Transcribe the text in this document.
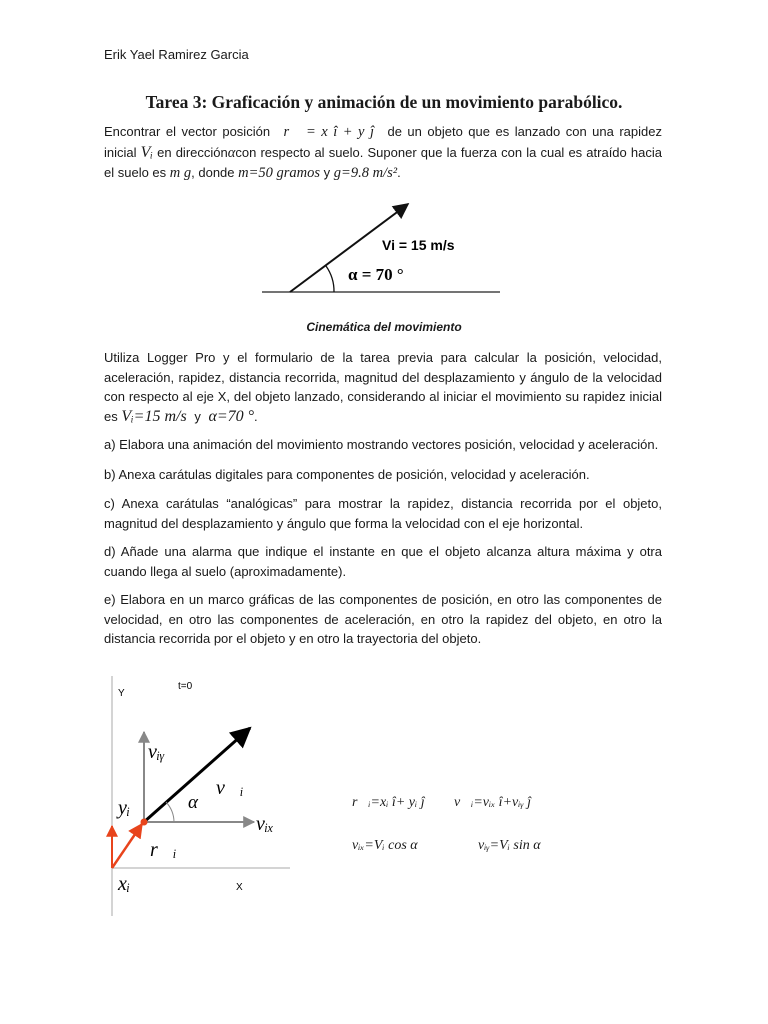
Erik Yael Ramirez Garcia
Tarea 3: Graficación y animación de un movimiento parabólico.
Encontrar el vector posición r⃗ = x î + y ĵ de un objeto que es lanzado con una rapidez inicial Vᵢ en direcciónαcon respecto al suelo. Suponer que la fuerza con la cual es atraído hacia el suelo es m g, donde m=50 gramos y g=9.8 m/s².
Vi = 15 m/s
α = 70 °
Cinemática del movimiento
Utiliza Logger Pro y el formulario de la tarea previa para calcular la posición, velocidad, aceleración, rapidez, distancia recorrida, magnitud del desplazamiento y ángulo de la velocidad con respecto al eje X, del objeto lanzado, considerando al iniciar el movimiento su rapidez inicial es Vᵢ=15 m/s y α=70 °.
a) Elabora una animación del movimiento mostrando vectores posición, velocidad y aceleración.
b) Anexa carátulas digitales para componentes de posición, velocidad y aceleración.
c) Anexa carátulas “analógicas” para mostrar la rapidez, distancia recorrida por el objeto, magnitud del desplazamiento y ángulo que forma la velocidad con el eje horizontal.
d) Añade una alarma que indique el instante en que el objeto alcanza altura máxima y otra cuando llega al suelo (aproximadamente).
e) Elabora en un marco gráficas de las componentes de posición, en otro las componentes de velocidad, en otro las componentes de aceleración, en otro la rapidez del objeto, en otro la distancia recorrida por el objeto y en otro la trayectoria del objeto.
Y
X
t=0
vᵢᵧ
v⃗ᵢ
α
yᵢ
vᵢₓ
r⃗ᵢ
xᵢ
r⃗ᵢ=xᵢ î+ yᵢ ĵ v⃗ᵢ=vᵢₓ î+vᵢᵧ ĵ
vᵢₓ=Vᵢ cos α	vᵢᵧ=Vᵢ sin α
